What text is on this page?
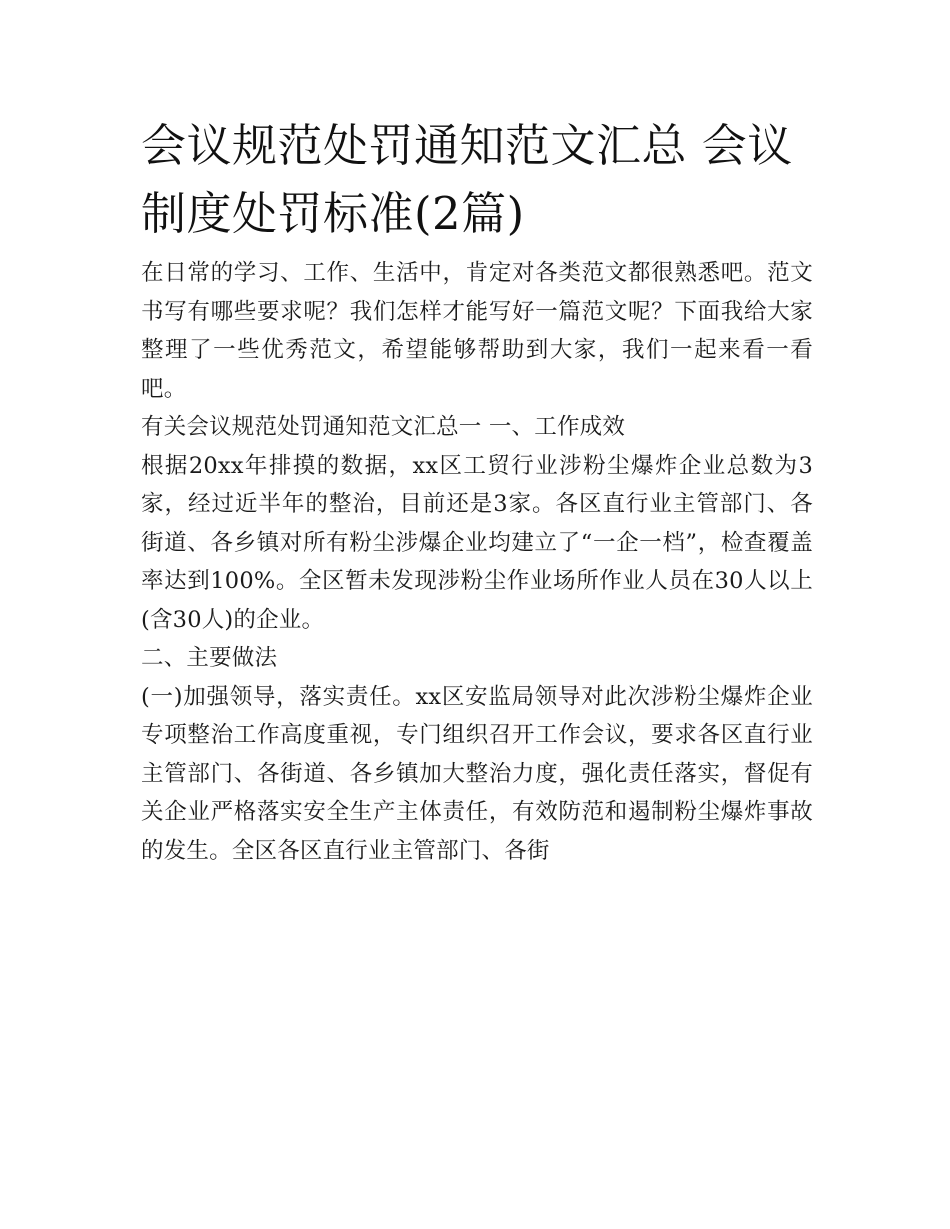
会议规范处罚通知范文汇总 会议制度处罚标准(2篇)

在日常的学习、工作、生活中，肯定对各类范文都很熟悉吧。范文书写有哪些要求呢？我们怎样才能写好一篇范文呢？下面我给大家整理了一些优秀范文，希望能够帮助到大家，我们一起来看一看吧。

有关会议规范处罚通知范文汇总一 一、工作成效

根据20xx年排摸的数据，xx区工贸行业涉粉尘爆炸企业总数为3家，经过近半年的整治，目前还是3家。各区直行业主管部门、各街道、各乡镇对所有粉尘涉爆企业均建立了“一企一档”，检查覆盖率达到100%。全区暂未发现涉粉尘作业场所作业人员在30人以上(含30人)的企业。

二、主要做法

(一)加强领导，落实责任。xx区安监局领导对此次涉粉尘爆炸企业专项整治工作高度重视，专门组织召开工作会议，要求各区直行业主管部门、各街道、各乡镇加大整治力度，强化责任落实，督促有关企业严格落实安全生产主体责任，有效防范和遏制粉尘爆炸事故的发生。全区各区直行业主管部门、各街
